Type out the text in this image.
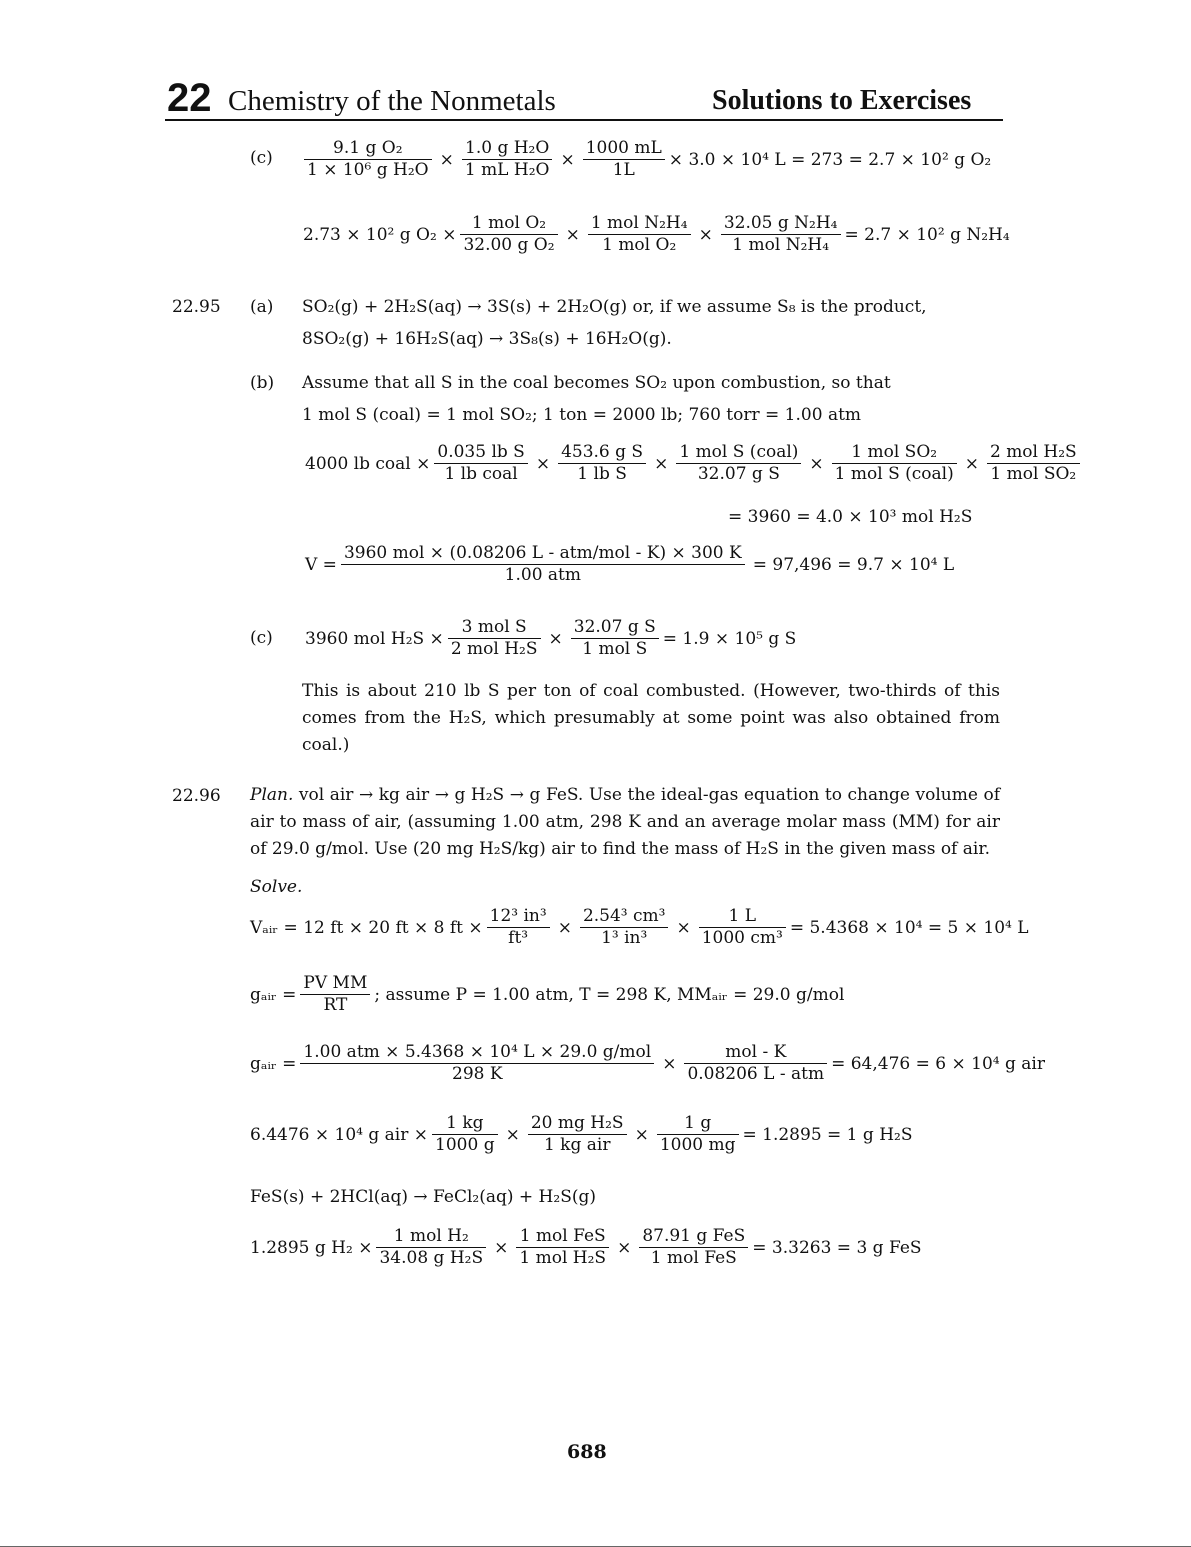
22 Chemistry of the Nonmetals	Solutions to Exercises
$(c) \frac{\text{9.1 g O₂}}{\text{1 × 10⁶ g H₂O}} \times \frac{\text{1.0 g H₂O}}{\text{1 mL H₂O}} \times \frac{1000 mL}{1L} \times 3.0 \times 10^4$ L = 273 = 2.7 × 10² g O₂
2.73 × 10² g $O_2 \times \frac{\text{1 mol O₂}}{\text{32.00 g O₂}} \times \frac{\text{1 mol N₂H₄}}{\text{1 mol O₂}} \times \frac{\text{32.05 g N₂H₄}}{\text{1 mol N₂H₄}} = 2.7 \times 10^2$ g N₂H₄
22.95 (a) SO₂(g) + 2H₂S(aq) → 3S(s) + 2H₂O(g) or, if we assume S₈ is the product,
8SO₂(g) + 16H₂S(aq) → 3S₈(s) + 16H₂O(g).
(b) Assume that all S in the coal becomes SO₂ upon combustion, so that
1 mol S (coal) = 1 mol SO₂; 1 ton = 2000 lb; 760 torr = 1.00 atm
4000 lb coal × $\frac{\text{0.035 lb S}}{\text{1 lb coal}} \times \frac{\text{453.6 g S}}{\text{1 lb S}} \times \frac{\text{1 mol S (coal)}}{\text{32.07 g S}} \times \frac{\text{1 mol SO₂}}{\text{1 mol S (coal)}} \times \frac{\text{2 mol H₂S}}{\text{1 mol SO₂}}$
= 3960 = 4.0 × 10³ mol H₂S
$V = \frac{\text{3960 mol × (0.08206 L - atm/mol - K) × 300 K}}{\text{1.00 atm}} = 97,496 = 9.7 \times 10^4$ L
(c) 3960 mol $H_2S \times \frac{\text{3 mol S}}{\text{2 mol H₂S}} \times \frac{\text{32.07 g S}}{\text{1 mol S}} = 1.9 \times 10^5$ g S
This is about 210 lb S per ton of coal combusted. (However, two-thirds of this comes from the H₂S, which presumably at some point was also obtained from coal.)
22.96 Plan. vol air → kg air → g H₂S → g FeS. Use the ideal-gas equation to change volume of air to mass of air, (assuming 1.00 atm, 298 K and an average molar mass (MM) for air of 29.0 g/mol. Use (20 mg H₂S/kg) air to find the mass of H₂S in the given mass of air.
Solve.
Vₐᵢᵣ = 12 ft × 20 ft × 8 ft × $\frac{\text{12³ in³}}{\text{ft³}} \times \frac{\text{2.54³ cm³}}{\text{1³ in³}} \times \frac{1 L}{\text{1000 cm³}} = 5.4368 \times 10^4 = 5 \times 10^4$ L
gₐᵢᵣ = $\frac{\text{PV MM}}{RT}$ ; assume P = 1.00 atm, T = 298 K, MMₐᵢᵣ = 29.0 g/mol
gₐᵢᵣ = $\frac{\text{1.00 atm × 5.4368 × 10⁴ L × 29.0 g/mol}}{298 K} \times \frac{\text{mol - K}}{\text{0.08206 L - atm}} = 64,476 = 6 \times 10^4$ g air
6.4476 × 10⁴ g air × $\frac{1 kg}{1000 g} \times \frac{\text{20 mg H₂S}}{\text{1 kg air}} \times \frac{1 g}{1000 mg} = 1.2895 = 1$ g H₂S
FeS(s) + 2HCl(aq) → FeCl₂(aq) + H₂S(g)
1.2895 g $H_2 \times \frac{\text{1 mol H₂}}{\text{34.08 g H₂S}} \times \frac{\text{1 mol FeS}}{\text{1 mol H₂S}} \times \frac{\text{87.91 g FeS}}{\text{1 mol FeS}} = 3.3263 = 3$ g FeS
688
